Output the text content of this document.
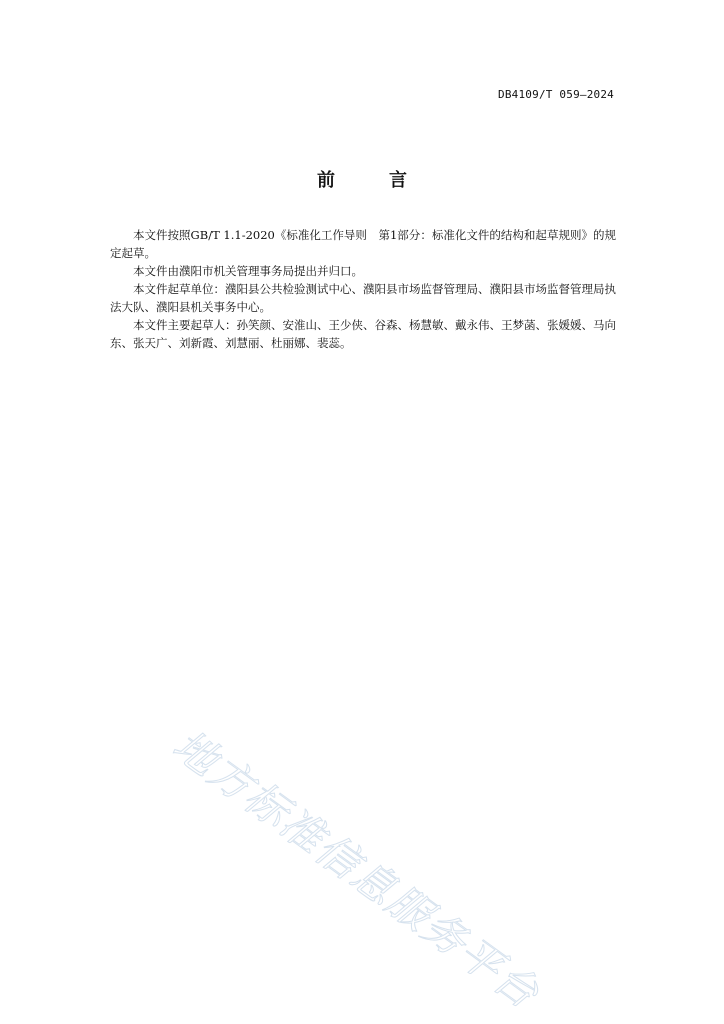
DB4109/T 059—2024
前　言

本文件按照GB/T 1.1-2020《标准化工作导则　第1部分：标准化文件的结构和起草规则》的规定起草。

本文件由濮阳市机关管理事务局提出并归口。

本文件起草单位：濮阳县公共检验测试中心、濮阳县市场监督管理局、濮阳县市场监督管理局执法大队、濮阳县机关事务中心。

本文件主要起草人：孙笑颜、安淮山、王少侠、谷森、杨慧敏、戴永伟、王梦菡、张媛媛、马向东、张天广、刘新霞、刘慧丽、杜丽娜、裴蕊。

地方标准信息服务平台
